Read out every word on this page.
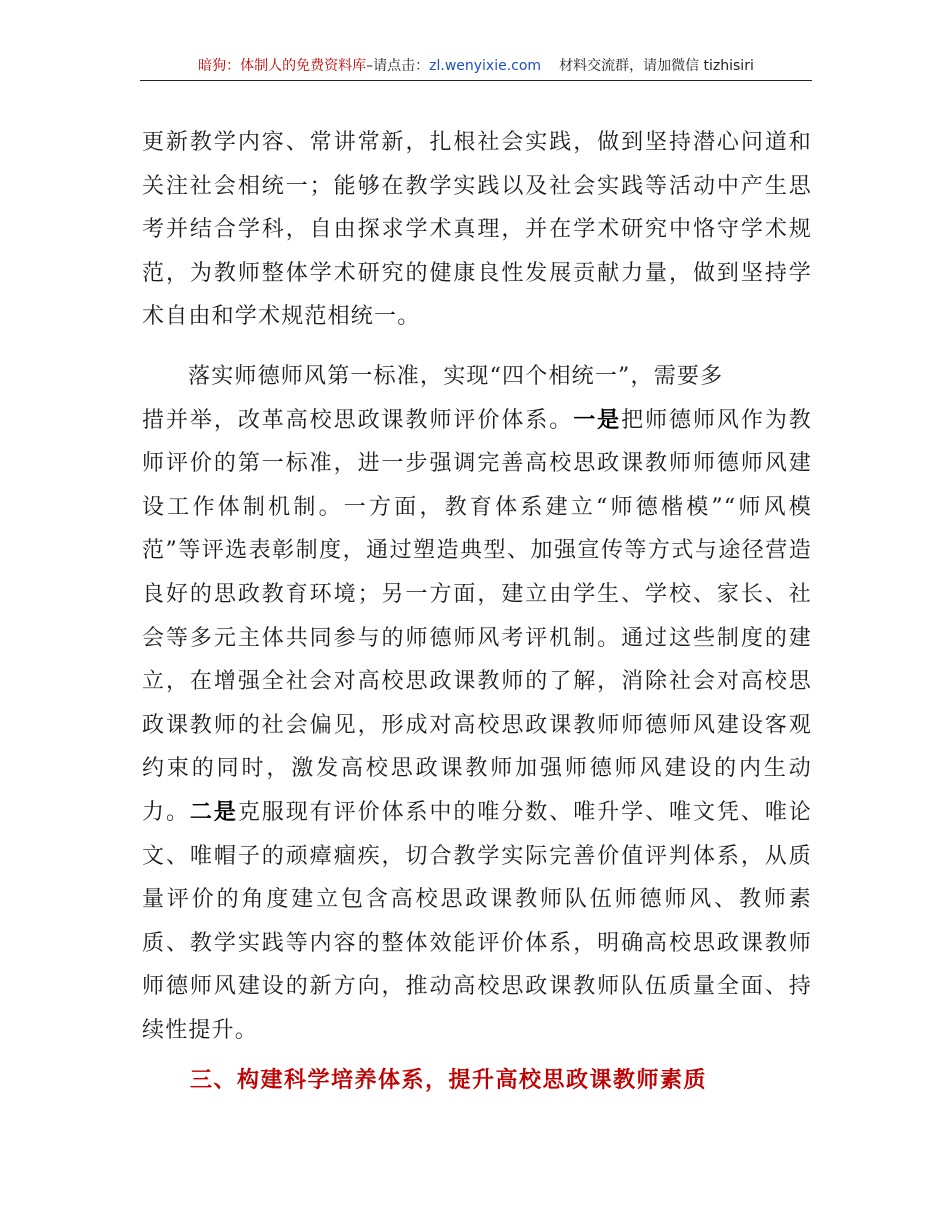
暗狗：体制人的免费资料库–请点击：zl.wenyixie.com 材料交流群，请加微信 tizhisiri

更新教学内容、常讲常新，扎根社会实践，做到坚持潜心问道和关注社会相统一；能够在教学实践以及社会实践等活动中产生思考并结合学科，自由探求学术真理，并在学术研究中恪守学术规范，为教师整体学术研究的健康良性发展贡献力量，做到坚持学术自由和学术规范相统一。

落实师德师风第一标准，实现“四个相统一”，需要多
措并举，改革高校思政课教师评价体系。一是把师德师风作为教师评价的第一标准，进一步强调完善高校思政课教师师德师风建设工作体制机制。一方面，教育体系建立“师德楷模”“师风模范”等评选表彰制度，通过塑造典型、加强宣传等方式与途径营造良好的思政教育环境；另一方面，建立由学生、学校、家长、社会等多元主体共同参与的师德师风考评机制。通过这些制度的建立，在增强全社会对高校思政课教师的了解，消除社会对高校思政课教师的社会偏见，形成对高校思政课教师师德师风建设客观约束的同时，激发高校思政课教师加强师德师风建设的内生动力。二是克服现有评价体系中的唯分数、唯升学、唯文凭、唯论文、唯帽子的顽瘴痼疾，切合教学实际完善价值评判体系，从质量评价的角度建立包含高校思政课教师队伍师德师风、教师素质、教学实践等内容的整体效能评价体系，明确高校思政课教师师德师风建设的新方向，推动高校思政课教师队伍质量全面、持续性提升。

三、构建科学培养体系，提升高校思政课教师素质
